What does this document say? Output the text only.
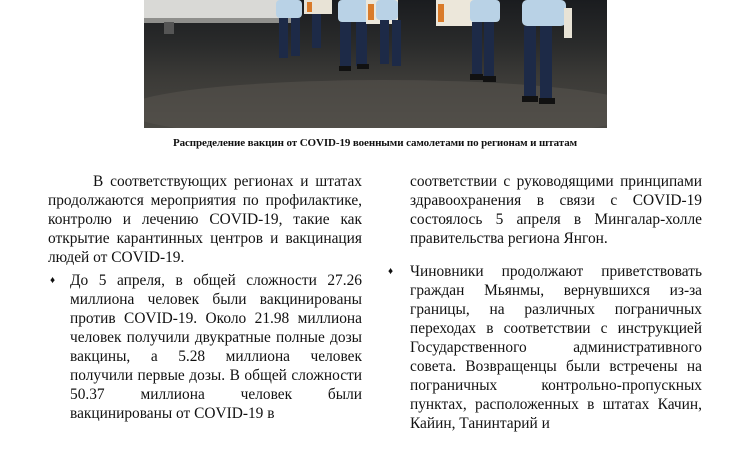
Распределение вакцин от COVID-19 военными самолетами по регионам и штатам

В соответствующих регионах и штатах продолжаются мероприятия по профилактике, контролю и лечению COVID-19, такие как открытие карантинных центров и вакцинация людей от COVID-19.

♦ До 5 апреля, в общей сложности 27.26 миллиона человек были вакцинированы против COVID-19. Около 21.98 миллиона человек получили двукратные полные дозы вакцины, а 5.28 миллиона человек получили первые дозы. В общей сложности 50.37 миллиона человек были вакцинированы от COVID-19 в

соответствии с руководящими принципами здравоохранения в связи с COVID-19 состоялось 5 апреля в Мингалар-холле правительства региона Янгон.

♦ Чиновники продолжают приветствовать граждан Мьянмы, вернувшихся из-за границы, на различных пограничных переходах в соответствии с инструкцией Государственного административного совета. Возвращенцы были встречены на пограничных контрольно-пропускных пунктах, расположенных в штатах Качин, Кайин, Танинтарий и
